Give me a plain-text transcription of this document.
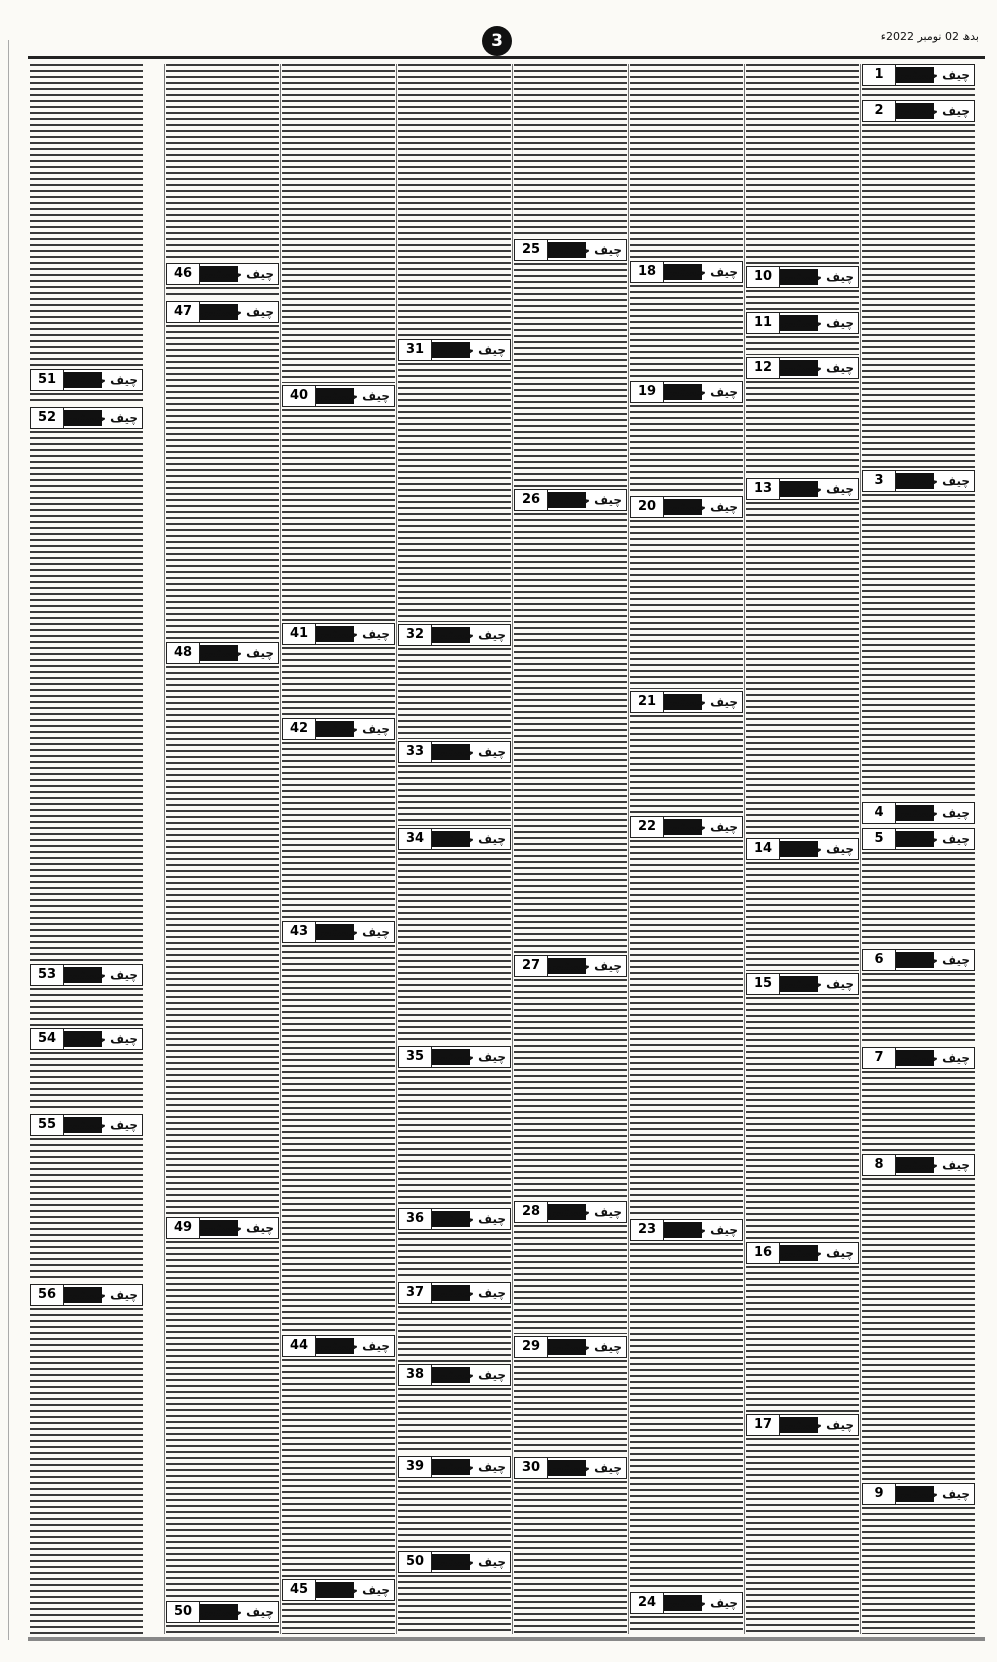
بدھ 02 نومبر 2022ء
3
1 چیف جسٹس
2 چیف جسٹس
3 چیف جسٹس
4 چیف جسٹس
5 چیف جسٹس
6 چیف جسٹس
7 چیف جسٹس
8 چیف جسٹس
9 چیف جسٹس
10 چیف جسٹس
11 چیف جسٹس
12 چیف جسٹس
13 چیف جسٹس
14 چیف جسٹس
15 چیف جسٹس
16 چیف جسٹس
17 چیف جسٹس
18 چیف جسٹس
19 چیف جسٹس
20 چیف جسٹس
21 چیف جسٹس
22 چیف جسٹس
23 چیف جسٹس
24 چیف جسٹس
25 چیف جسٹس
26 چیف جسٹس
27 چیف جسٹس
28 چیف جسٹس
29 چیف جسٹس
30 چیف جسٹس
31 چیف جسٹس
32 چیف جسٹس
33 چیف جسٹس
34 چیف جسٹس
35 چیف جسٹس
36 چیف جسٹس
37 چیف جسٹس
38 چیف جسٹس
39 چیف جسٹس
50 چیف جسٹس
40 چیف جسٹس
41 چیف جسٹس
42 چیف جسٹس
43 چیف جسٹس
44 چیف جسٹس
45 چیف جسٹس
46 چیف جسٹس
47 چیف جسٹس
48 چیف جسٹس
49 چیف جسٹس
50 چیف جسٹس
51 چیف جسٹس
52 چیف جسٹس
53 چیف جسٹس
54 چیف جسٹس
55 چیف جسٹس
56 چیف جسٹس
